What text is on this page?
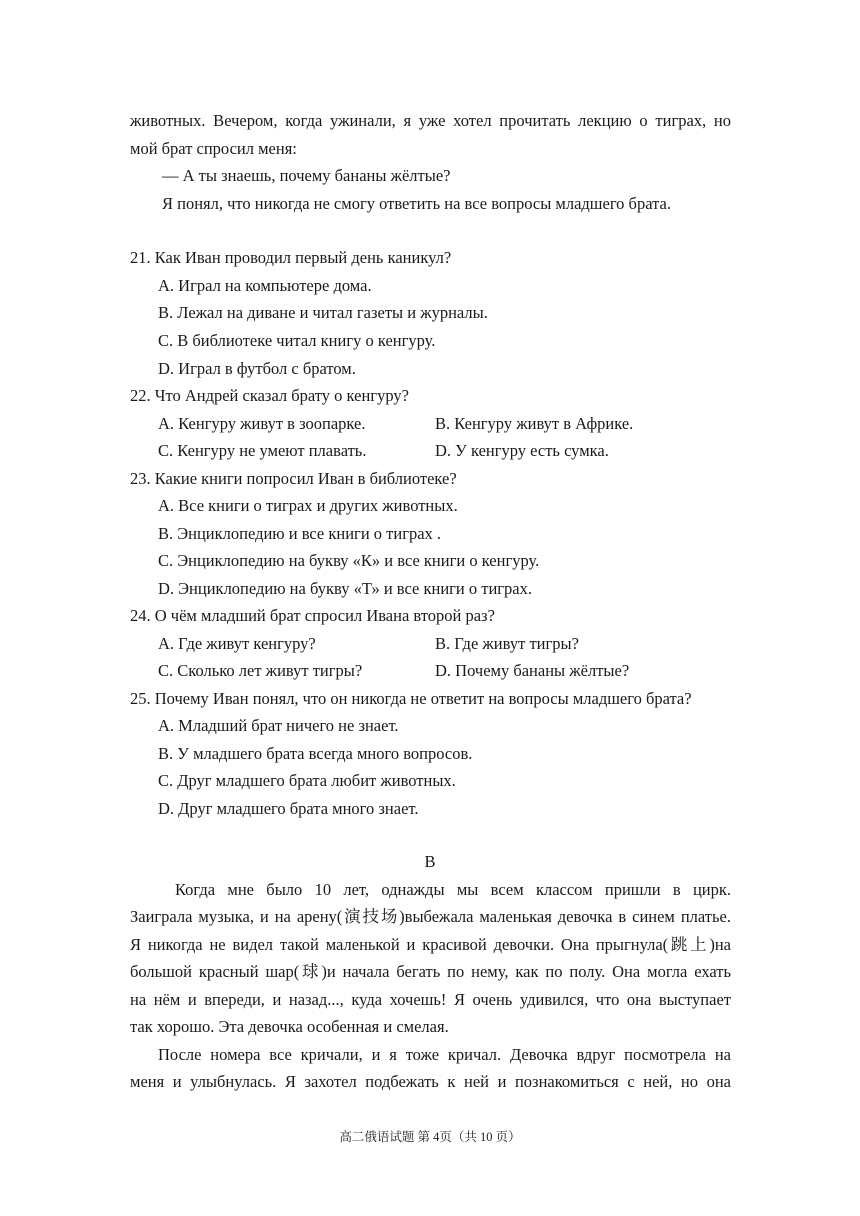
животных. Вечером, когда ужинали, я уже хотел прочитать лекцию о тиграх, но
мой брат спросил меня:
— А ты знаешь, почему бананы жёлтые?
Я понял, что никогда не смогу ответить на все вопросы младшего брата.
21. Как Иван проводил первый день каникул?
A. Играл на компьютере дома.
B. Лежал на диване и читал газеты и журналы.
C. В библиотеке читал книгу о кенгуру.
D. Играл в футбол с братом.
22. Что Андрей сказал брату о кенгуру?
A. Кенгуру живут в зоопарке.	B. Кенгуру живут в Африке.
C. Кенгуру не умеют плавать.	D. У кенгуру есть сумка.
23. Какие книги попросил Иван в библиотеке?
A. Все книги о тиграх и других животных.
B. Энциклопедию и все книги о тиграх .
C. Энциклопедию на букву «К» и все книги о кенгуру.
D. Энциклопедию на букву «Т» и все книги о тиграх.
24. О чём младший брат спросил Ивана второй раз?
A. Где живут кенгуру?	B. Где живут тигры?
C. Сколько лет живут тигры?	D. Почему бананы жёлтые?
25. Почему Иван понял, что он никогда не ответит на вопросы младшего брата?
A. Младший брат ничего не знает.
B. У младшего брата всегда много вопросов.
C. Друг младшего брата любит животных.
D. Друг младшего брата много знает.
B
Когда мне было 10 лет, однажды мы всем классом пришли в цирк.
Заиграла музыка, и на арену(演技场)выбежала маленькая девочка в синем платье.
Я никогда не видел такой маленькой и красивой девочки. Она прыгнула(跳上)на
большой красный шар(球)и начала бегать по нему, как по полу. Она могла ехать
на нём и впереди, и назад..., куда хочешь! Я очень удивился, что она выступает
так хорошо. Эта девочка особенная и смелая.
После номера все кричали, и я тоже кричал. Девочка вдруг посмотрела на
меня и улыбнулась. Я захотел подбежать к ней и познакомиться с ней, но она
高二俄语试题 第 4页（共 10 页）
